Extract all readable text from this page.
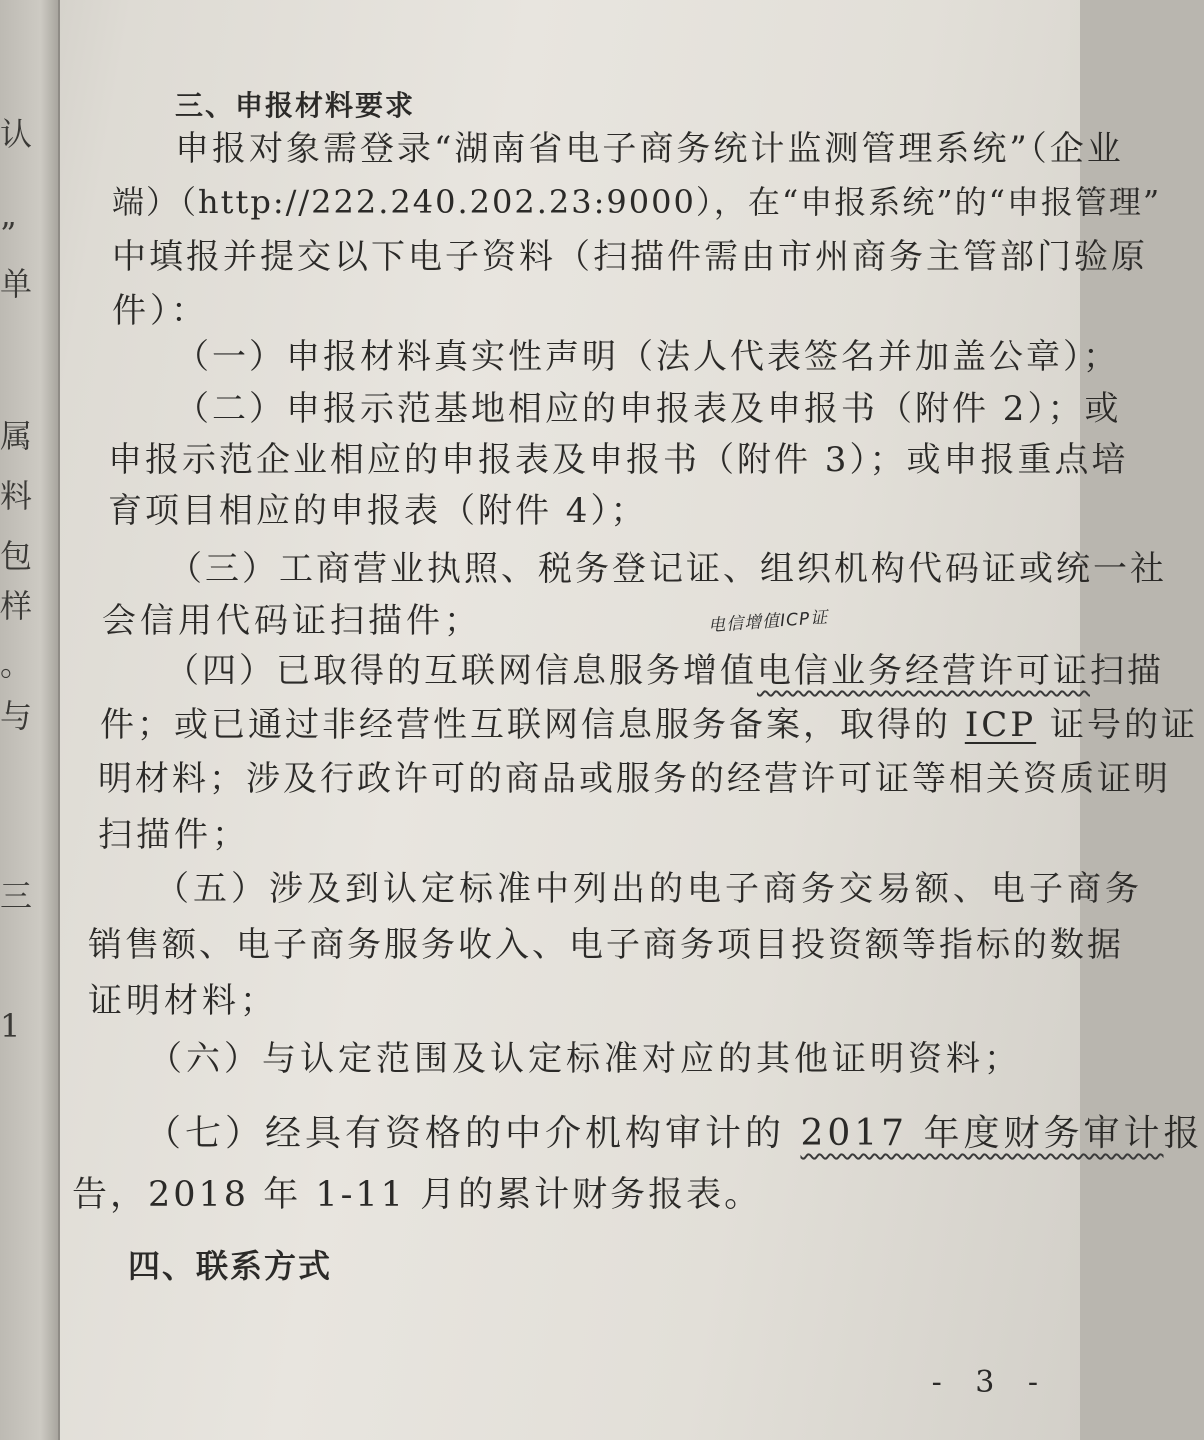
认
”
单
属
料
包
样
。
与
三
1
三、申报材料要求
申报对象需登录“湖南省电子商务统计监测管理系统”（企业
端）（http://222.240.202.23:9000），在“申报系统”的“申报管理”
中填报并提交以下电子资料（扫描件需由市州商务主管部门验原
件）：
（一）申报材料真实性声明（法人代表签名并加盖公章）；
（二）申报示范基地相应的申报表及申报书（附件 2）；或
申报示范企业相应的申报表及申报书（附件 3）；或申报重点培
育项目相应的申报表（附件 4）；
（三）工商营业执照、税务登记证、组织机构代码证或统一社
会信用代码证扫描件；	电信增值ICP证
（四）已取得的互联网信息服务增值电信业务经营许可证扫描
件；或已通过非经营性互联网信息服务备案，取得的 ICP 证号的证
明材料；涉及行政许可的商品或服务的经营许可证等相关资质证明
扫描件；
（五）涉及到认定标准中列出的电子商务交易额、电子商务
销售额、电子商务服务收入、电子商务项目投资额等指标的数据
证明材料；
（六）与认定范围及认定标准对应的其他证明资料；
（七）经具有资格的中介机构审计的 2017 年度财务审计报
告，2018 年 1-11 月的累计财务报表。
四、联系方式
- 3 -
